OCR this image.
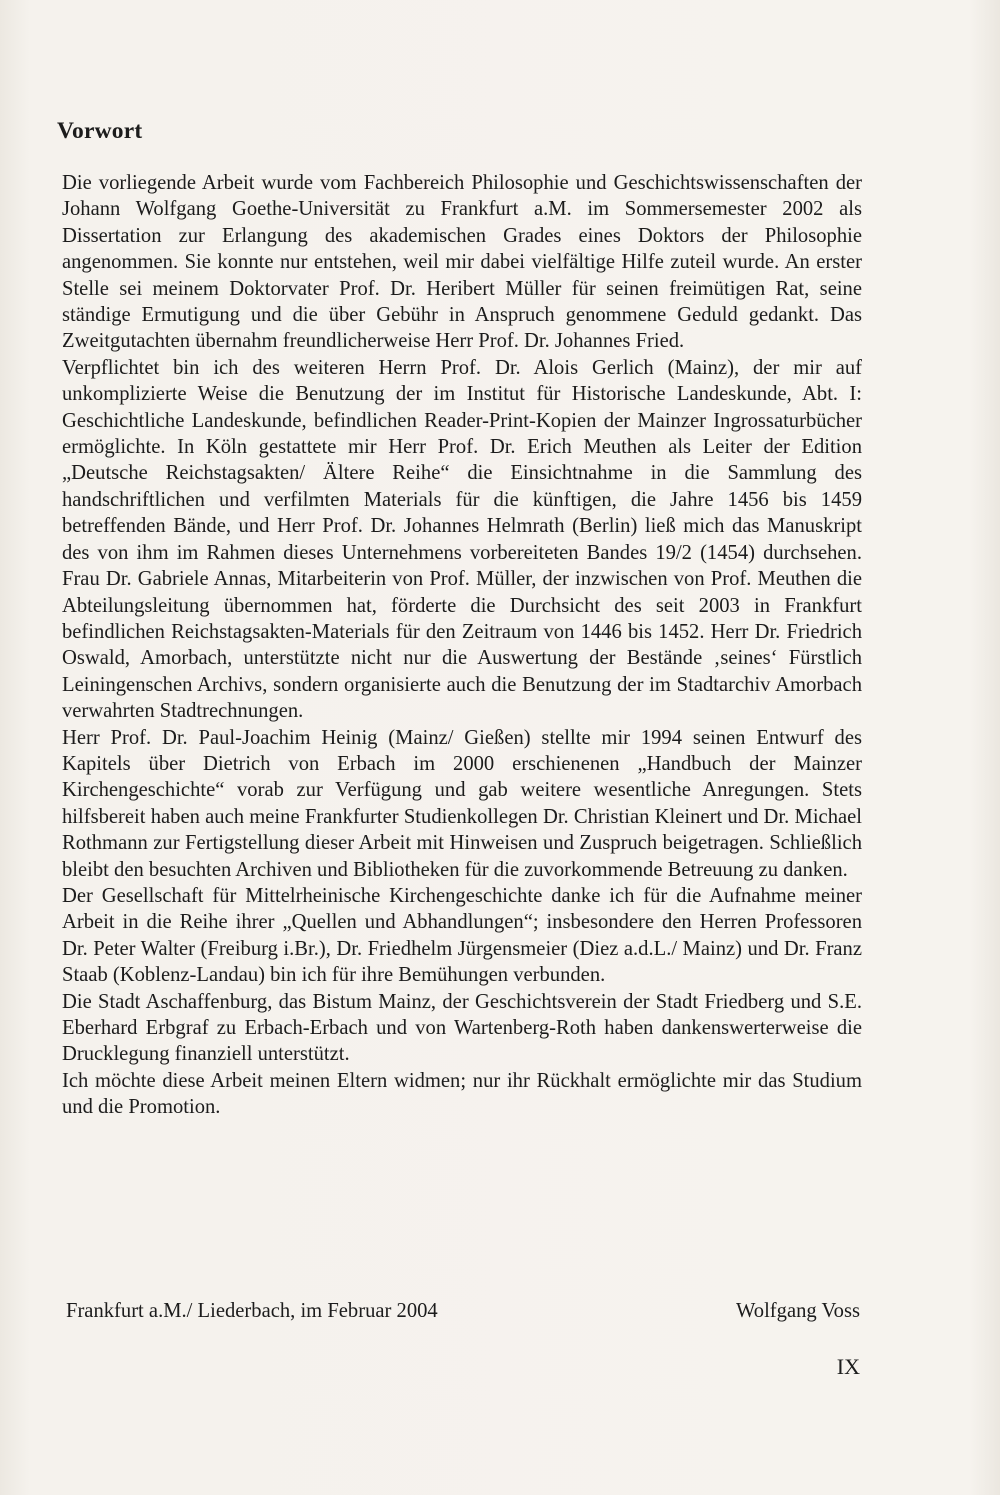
Vorwort

Die vorliegende Arbeit wurde vom Fachbereich Philosophie und Geschichtswissenschaften der Johann Wolfgang Goethe-Universität zu Frankfurt a.M. im Sommersemester 2002 als Dissertation zur Erlangung des akademischen Grades eines Doktors der Philosophie angenommen. Sie konnte nur entstehen, weil mir dabei vielfältige Hilfe zuteil wurde. An erster Stelle sei meinem Doktorvater Prof. Dr. Heribert Müller für seinen freimütigen Rat, seine ständige Ermutigung und die über Gebühr in Anspruch genommene Geduld gedankt. Das Zweitgutachten übernahm freundlicherweise Herr Prof. Dr. Johannes Fried.

Verpflichtet bin ich des weiteren Herrn Prof. Dr. Alois Gerlich (Mainz), der mir auf unkomplizierte Weise die Benutzung der im Institut für Historische Landeskunde, Abt. I: Geschichtliche Landeskunde, befindlichen Reader-Print-Kopien der Mainzer Ingrossaturbücher ermöglichte. In Köln gestattete mir Herr Prof. Dr. Erich Meuthen als Leiter der Edition „Deutsche Reichstagsakten/ Ältere Reihe“ die Einsichtnahme in die Sammlung des handschriftlichen und verfilmten Materials für die künftigen, die Jahre 1456 bis 1459 betreffenden Bände, und Herr Prof. Dr. Johannes Helmrath (Berlin) ließ mich das Manuskript des von ihm im Rahmen dieses Unternehmens vorbereiteten Bandes 19/2 (1454) durchsehen. Frau Dr. Gabriele Annas, Mitarbeiterin von Prof. Müller, der inzwischen von Prof. Meuthen die Abteilungsleitung übernommen hat, förderte die Durchsicht des seit 2003 in Frankfurt befindlichen Reichstagsakten-Materials für den Zeitraum von 1446 bis 1452. Herr Dr. Friedrich Oswald, Amorbach, unterstützte nicht nur die Auswertung der Bestände ‚seines‘ Fürstlich Leiningenschen Archivs, sondern organisierte auch die Benutzung der im Stadtarchiv Amorbach verwahrten Stadtrechnungen.

Herr Prof. Dr. Paul-Joachim Heinig (Mainz/ Gießen) stellte mir 1994 seinen Entwurf des Kapitels über Dietrich von Erbach im 2000 erschienenen „Handbuch der Mainzer Kirchengeschichte“ vorab zur Verfügung und gab weitere wesentliche Anregungen. Stets hilfsbereit haben auch meine Frankfurter Studienkollegen Dr. Christian Kleinert und Dr. Michael Rothmann zur Fertigstellung dieser Arbeit mit Hinweisen und Zuspruch beigetragen. Schließlich bleibt den besuchten Archiven und Bibliotheken für die zuvorkommende Betreuung zu danken.

Der Gesellschaft für Mittelrheinische Kirchengeschichte danke ich für die Aufnahme meiner Arbeit in die Reihe ihrer „Quellen und Abhandlungen“; insbesondere den Herren Professoren Dr. Peter Walter (Freiburg i.Br.), Dr. Friedhelm Jürgensmeier (Diez a.d.L./ Mainz) und Dr. Franz Staab (Koblenz-Landau) bin ich für ihre Bemühungen verbunden.

Die Stadt Aschaffenburg, das Bistum Mainz, der Geschichtsverein der Stadt Friedberg und S.E. Eberhard Erbgraf zu Erbach-Erbach und von Wartenberg-Roth haben dankenswerterweise die Drucklegung finanziell unterstützt.

Ich möchte diese Arbeit meinen Eltern widmen; nur ihr Rückhalt ermöglichte mir das Studium und die Promotion.

Frankfurt a.M./ Liederbach, im Februar 2004	Wolfgang Voss
IX
